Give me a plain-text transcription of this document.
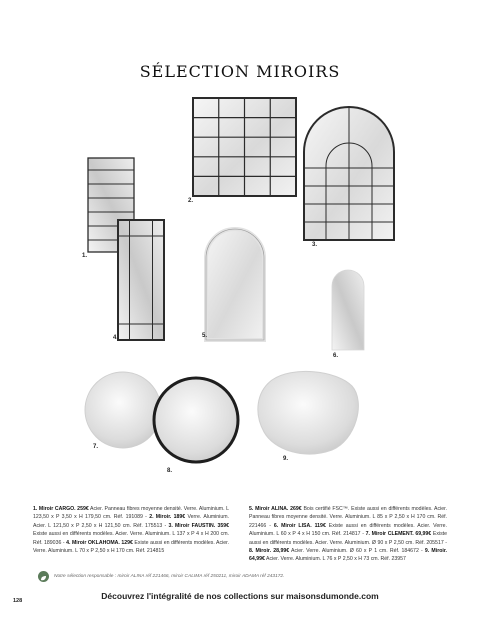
SÉLECTION MIROIRS
1.
2.
3.
4.	5.
6.
7.
8.
9.
1. Miroir CARGO. 259€ Acier. Panneau fibres moyenne densité. Verre. Aluminium. L 123,50 x P 3,50 x H 179,50 cm. Réf. 191089 - 2. Miroir. 189€ Verre. Aluminium. Acier. L 121,50 x P 2,50 x H 121,50 cm. Réf. 175513 - 3. Miroir FAUSTIN. 359€ Existe aussi en différents modèles. Acier. Verre. Aluminium. L 137 x P 4 x H 200 cm. Réf. 189036 - 4. Miroir OKLAHOMA. 129€ Existe aussi en différents modèles. Acier. Verre. Aluminium. L 70 x P 2,50 x H 170 cm. Réf. 214815
5. Miroir ALINA. 269€ Bois certifié FSC™. Existe aussi en différents modèles. Acier. Panneau fibres moyenne densité. Verre. Aluminium. L 85 x P 2,50 x H 170 cm. Réf. 221466 - 6. Miroir LISA. 119€ Existe aussi en différents modèles. Acier. Verre. Aluminium. L 60 x P 4 x H 150 cm. Réf. 214817 - 7. Miroir CLEMENT. 69,99€ Existe aussi en différents modèles. Acier. Verre. Aluminium. Ø 90 x P 2,50 cm. Réf. 205517 - 8. Miroir. 28,99€ Acier. Verre. Aluminium. Ø 60 x P 1 cm. Réf. 184672 - 9. Miroir. 64,99€ Acier. Verre. Aluminium. L 76 x P 2,50 x H 73 cm. Réf. 23957
Notre sélection responsable : miroir ALINA réf 221466, miroir CALIMA réf 250211, miroir ADAMA réf 243172.
Découvrez l'intégralité de nos collections sur maisonsdumonde.com
128
